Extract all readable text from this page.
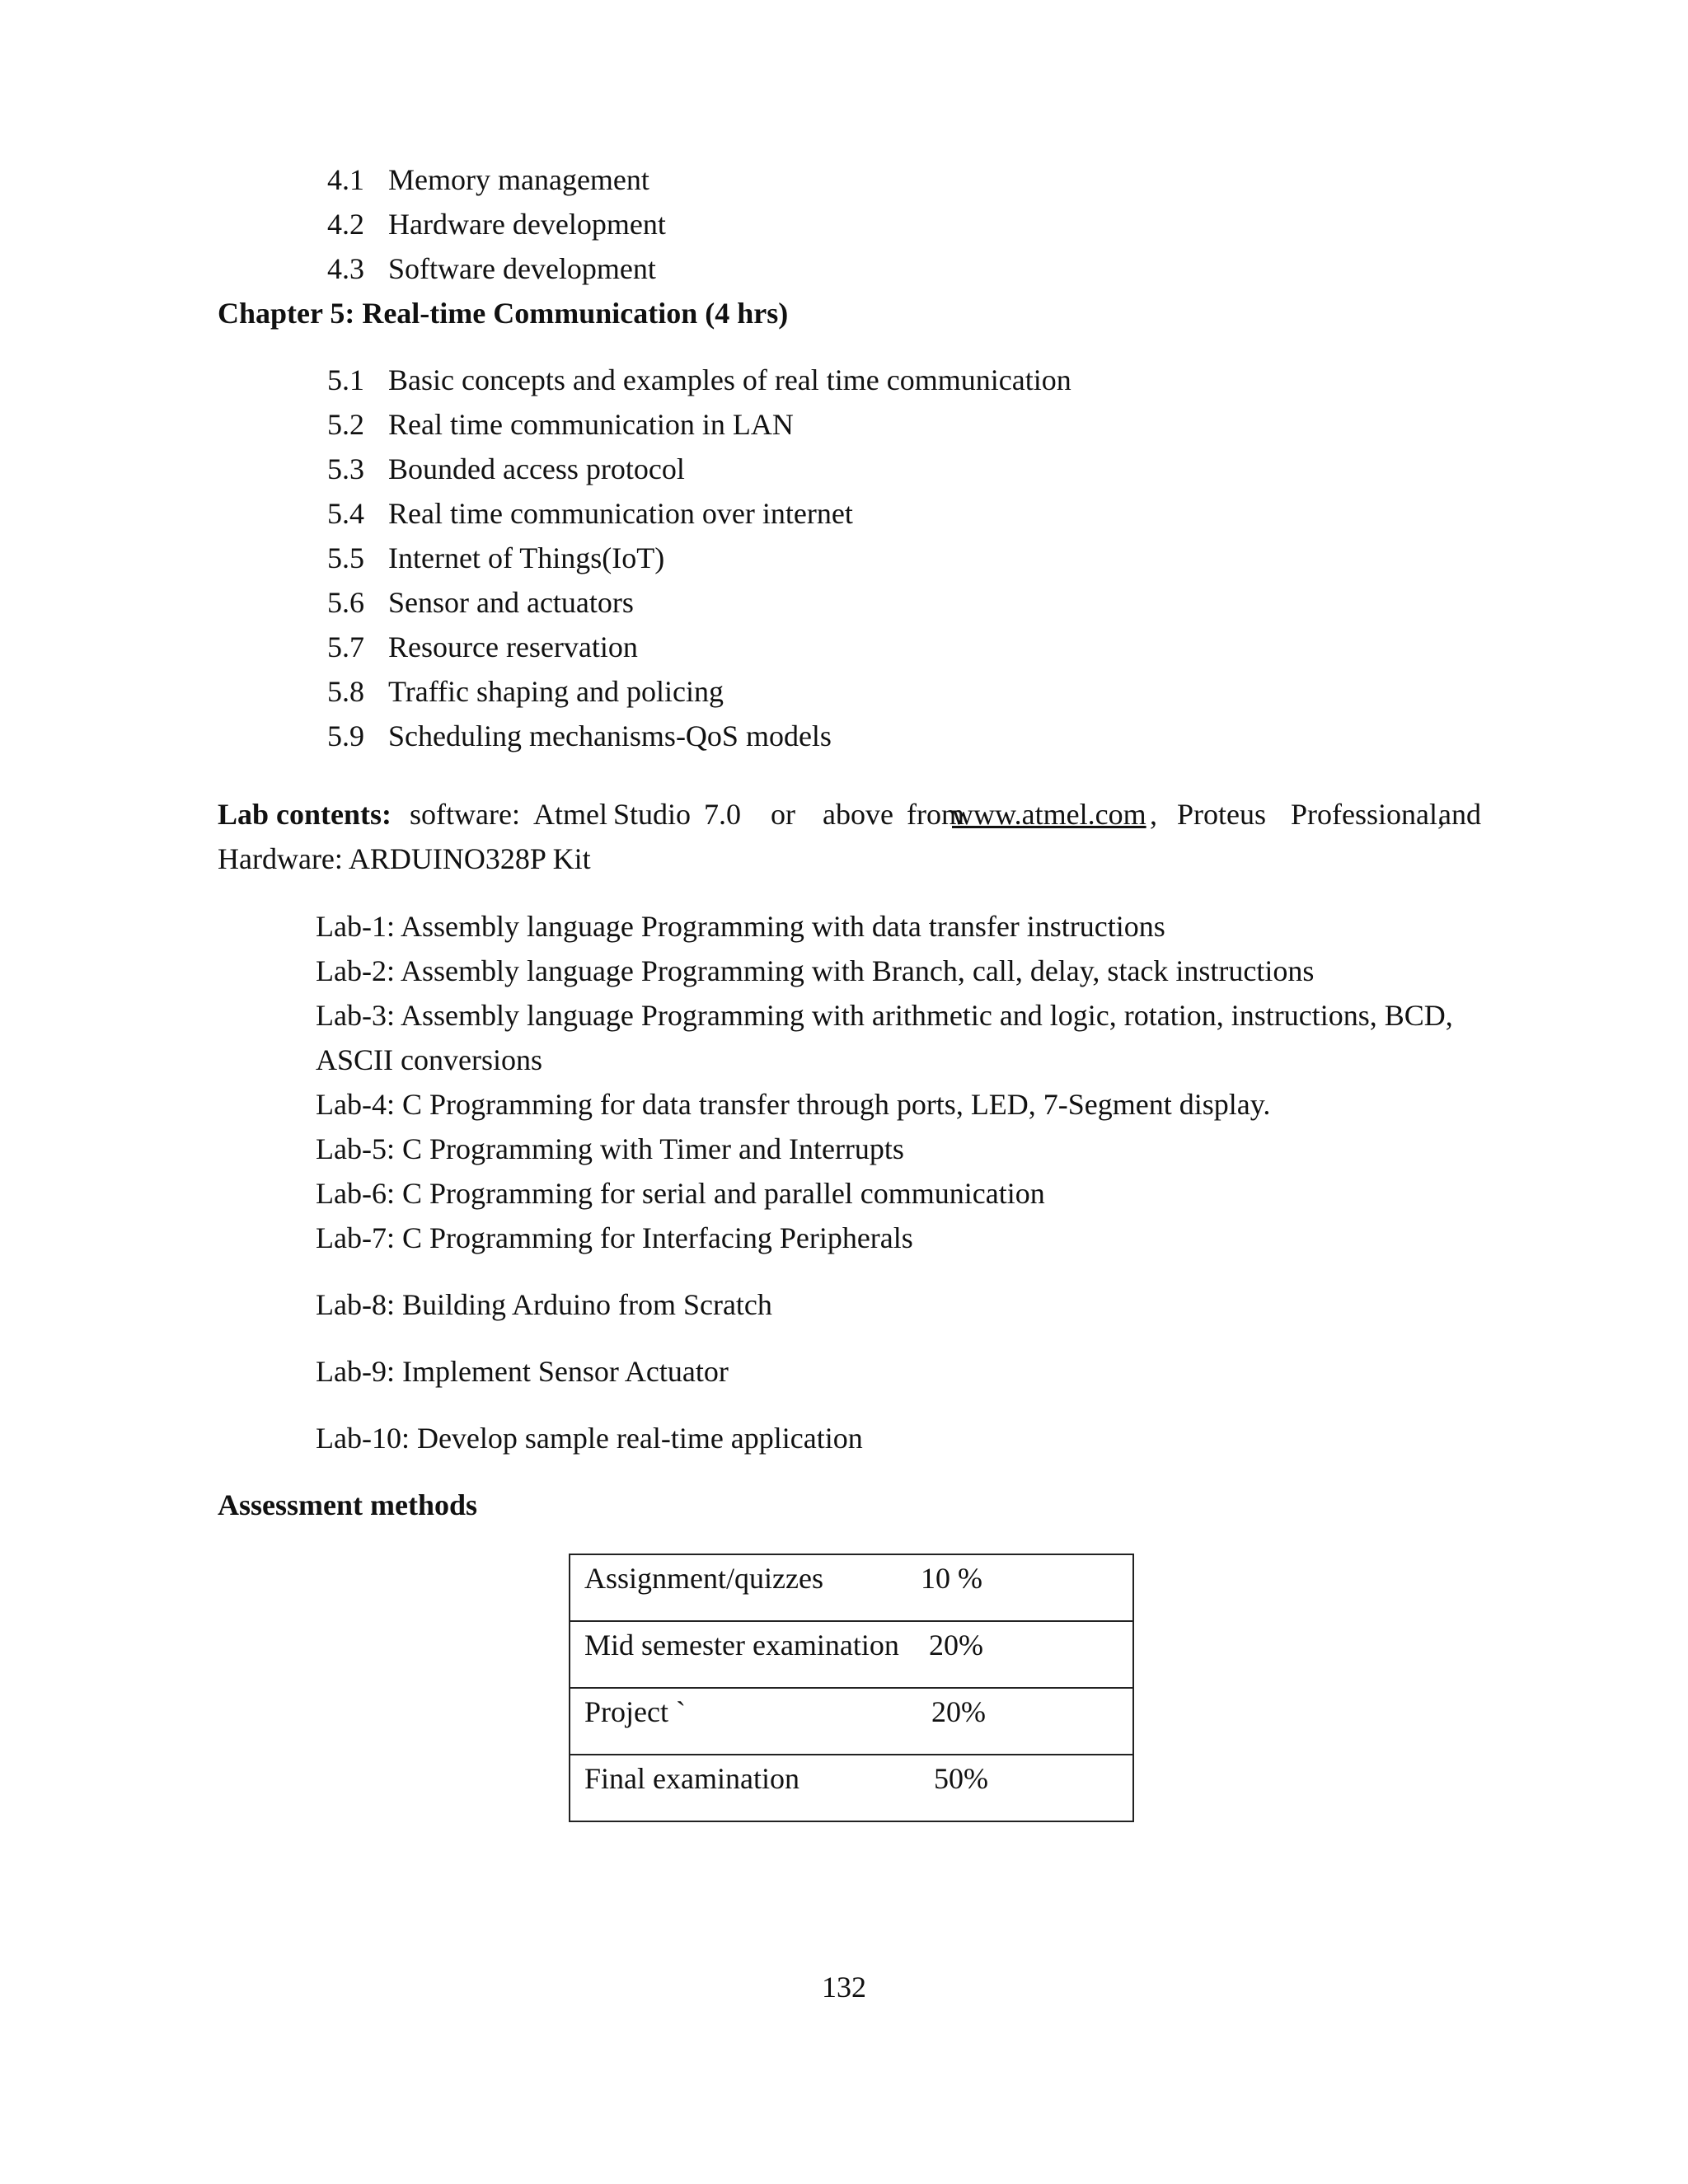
4.1 Memory management
4.2 Hardware development
4.3 Software development
Chapter 5: Real-time Communication (4 hrs)
5.1 Basic concepts and examples of real time communication
5.2 Real time communication in LAN
5.3 Bounded access protocol
5.4 Real time communication over internet
5.5 Internet of Things(IoT)
5.6 Sensor and actuators
5.7 Resource reservation
5.8 Traffic shaping and policing
5.9 Scheduling mechanisms-QoS models
Lab contents: software: Atmel Studio 7.0 or above from
www.atmel.com , Proteus Professional,
and
Hardware: ARDUINO328P Kit
Lab-1: Assembly language Programming with data transfer instructions
Lab-2: Assembly language Programming with Branch, call, delay, stack instructions
Lab-3: Assembly language Programming with arithmetic and logic, rotation, instructions, BCD,
ASCII conversions
Lab-4: C Programming for data transfer through ports, LED, 7-Segment display.
Lab-5: C Programming with Timer and Interrupts
Lab-6: C Programming for serial and parallel communication
Lab-7: C Programming for Interfacing Peripherals
Lab-8: Building Arduino from Scratch
Lab-9: Implement Sensor Actuator
Lab-10: Develop sample real-time application
Assessment methods
Assignment/quizzes	10 %

Mid semester examination 20%

Project `	20%

Final examination	50%
132
